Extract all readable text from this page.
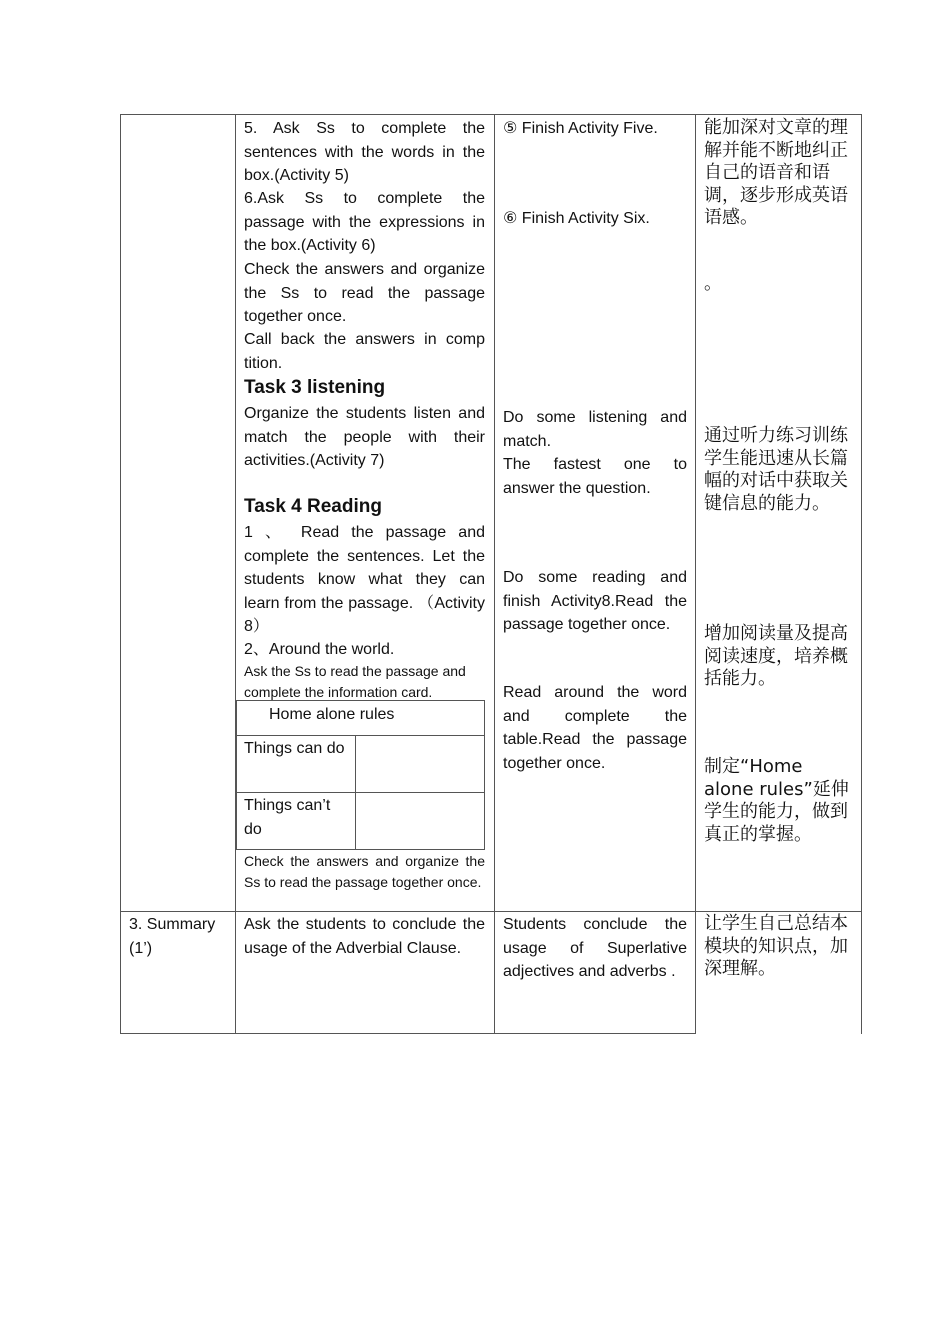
5. Ask Ss to complete the sentences with the words in the box.(Activity 5)
6.Ask Ss to complete the passage with the expressions in the box.(Activity 6)
Check the answers and organize the Ss to read the passage together once.
Call back the answers in comp tition.
Task 3 listening
Organize the students listen and match the people with their activities.(Activity 7)
Task 4 Reading
1 、 Read the passage and complete the sentences. Let the students know what they can learn from the passage. （Activity 8）
2、Around the world.
Ask the Ss to read the passage and complete the information card.
Home alone rules
Things can do
Things can’t do
Check the answers and organize the Ss to read the passage together once.
3. Summary (1’)
Ask the students to conclude the usage of the Adverbial Clause.
⑤ Finish Activity Five.
⑥ Finish Activity Six.
Do some listening and match.
The fastest one to answer the question.
Do some reading and finish Activity8.Read the passage together once.
Read around the word and complete the table.Read the passage together once.
Students conclude the usage of Superlative adjectives and adverbs .
能加深对文章的理解并能不断地纠正自己的语音和语调，逐步形成英语语感。
。
通过听力练习训练学生能迅速从长篇幅的对话中获取关键信息的能力。
增加阅读量及提高阅读速度，培养概括能力。
制定“Home alone rules”延伸学生的能力，做到真正的掌握。
让学生自己总结本模块的知识点，加深理解。
